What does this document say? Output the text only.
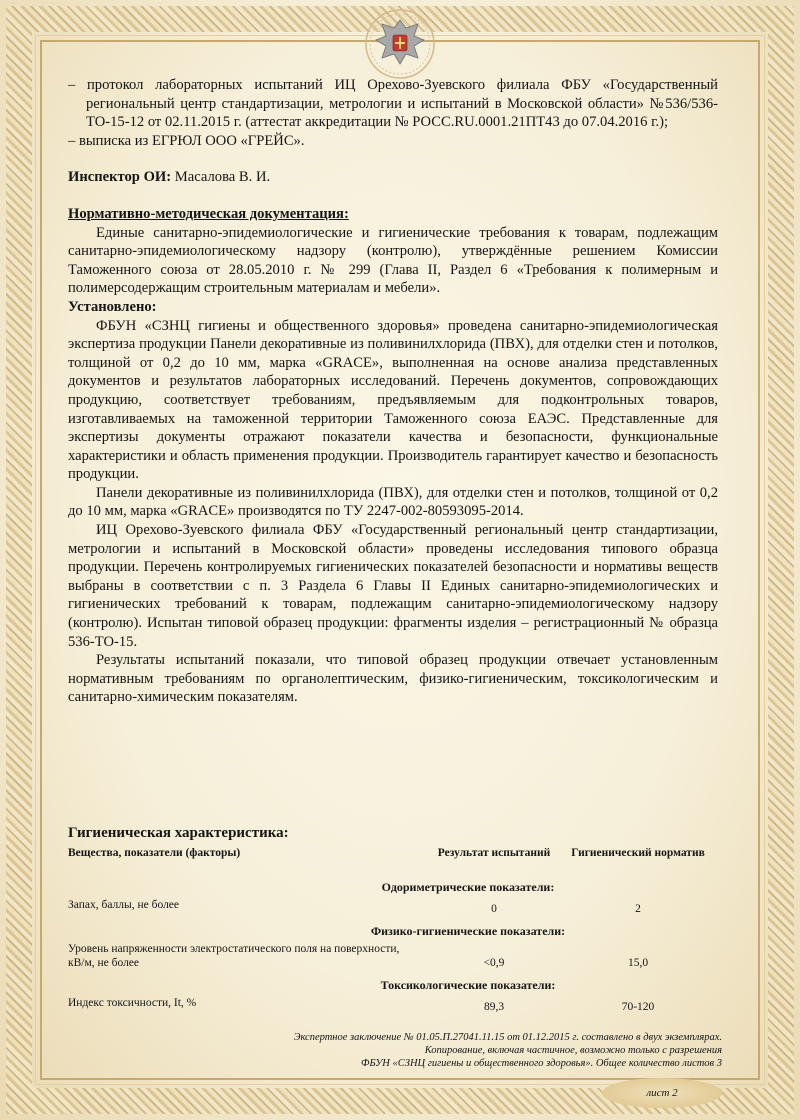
– протокол лабораторных испытаний ИЦ Орехово-Зуевского филиала ФБУ «Государственный региональный центр стандартизации, метрологии и испытаний в Московской области» №536/536-ТО-15-12 от 02.11.2015 г. (аттестат аккредитации № РОСС.RU.0001.21ПТ43 до 07.04.2016 г.);

– выписка из ЕГРЮЛ ООО «ГРЕЙС».

Инспектор ОИ: Масалова В. И.

Нормативно-методическая документация:

Единые санитарно-эпидемиологические и гигиенические требования к товарам, подлежащим санитарно-эпидемиологическому надзору (контролю), утверждённые решением Комиссии Таможенного союза от 28.05.2010 г. № 299 (Глава II, Раздел 6 «Требования к полимерным и полимерсодержащим строительным материалам и мебели».

Установлено:

ФБУН «СЗНЦ гигиены и общественного здоровья» проведена санитарно-эпидемиологическая экспертиза продукции Панели декоративные из поливинилхлорида (ПВХ), для отделки стен и потолков, толщиной от 0,2 до 10 мм, марка «GRACE», выполненная на основе анализа представленных документов и результатов лабораторных исследований. Перечень документов, сопровождающих продукцию, соответствует требованиям, предъявляемым для подконтрольных товаров, изготавливаемых на таможенной территории Таможенного союза ЕАЭС. Представленные для экспертизы документы отражают показатели качества и безопасности, функциональные характеристики и область применения продукции. Производитель гарантирует качество и безопасность продукции.

Панели декоративные из поливинилхлорида (ПВХ), для отделки стен и потолков, толщиной от 0,2 до 10 мм, марка «GRACE» производятся по ТУ 2247-002-80593095-2014.

ИЦ Орехово-Зуевского филиала ФБУ «Государственный региональный центр стандартизации, метрологии и испытаний в Московской области» проведены исследования типового образца продукции. Перечень контролируемых гигиенических показателей безопасности и нормативы веществ выбраны в соответствии с п. 3 Раздела 6 Главы II Единых санитарно-эпидемиологических и гигиенических требований к товарам, подлежащим санитарно-эпидемиологическому надзору (контролю). Испытан типовой образец продукции: фрагменты изделия – регистрационный № образца 536-ТО-15.

Результаты испытаний показали, что типовой образец продукции отвечает установленным нормативным требованиям по органолептическим, физико-гигиеническим, токсикологическим и санитарно-химическим показателям.

Гигиеническая характеристика:
Вещества, показатели (факторы)	Результат испытаний	Гигиенический норматив
Одориметрические показатели:
Запах, баллы, не более	0	2
Физико-гигиенические показатели:
Уровень напряженности электростатического поля на поверхности, кВ/м, не более	<0,9	15,0
Токсикологические показатели:
Индекс токсичности, It, %	89,3	70-120
Экспертное заключение № 01.05.П.27041.11.15 от 01.12.2015 г. составлено в двух экземплярах.
Копирование, включая частичное, возможно только с разрешения
ФБУН «СЗНЦ гигиены и общественного здоровья». Общее количество листов 3
лист 2
